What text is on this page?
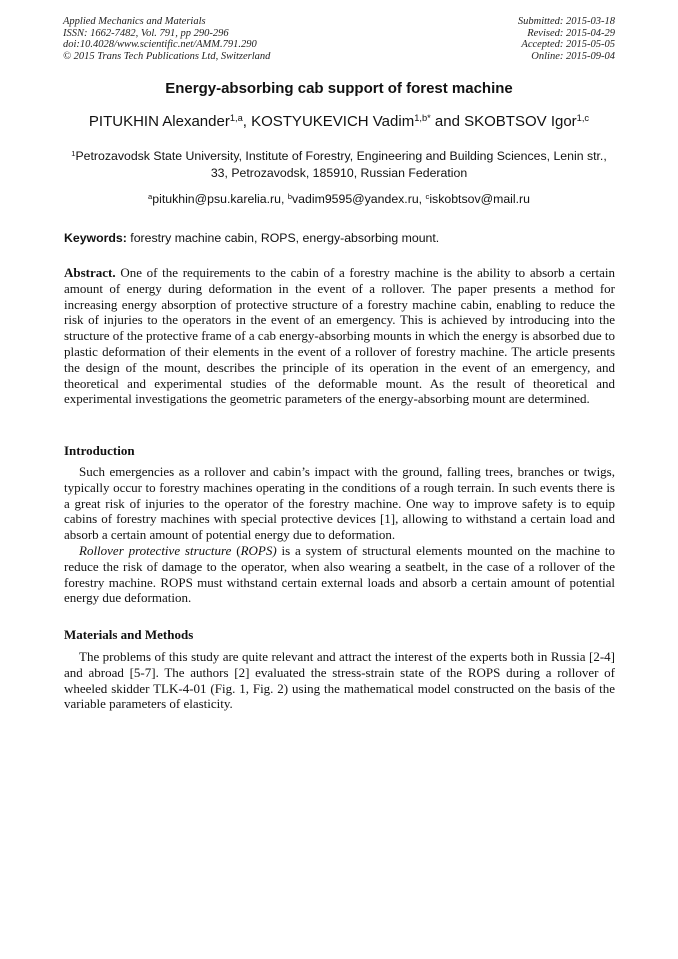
Applied Mechanics and Materials
ISSN: 1662-7482, Vol. 791, pp 290-296
doi:10.4028/www.scientific.net/AMM.791.290
© 2015 Trans Tech Publications Ltd, Switzerland
Submitted: 2015-03-18
Revised: 2015-04-29
Accepted: 2015-05-05
Online: 2015-09-04
Energy-absorbing cab support of forest machine
PITUKHIN Alexander$^{1,a}$, KOSTYUKEVICH Vadim$^{1,b*}$ and SKOBTSOV Igor$^{1,c}$
$^1$Petrozavodsk State University, Institute of Forestry, Engineering and Building Sciences, Lenin str., 33, Petrozavodsk, 185910, Russian Federation
$^a$pitukhin@psu.karelia.ru, $^b$vadim9595@yandex.ru, $^c$iskobtsov@mail.ru
Keywords: forestry machine cabin, ROPS, energy-absorbing mount.
Abstract. One of the requirements to the cabin of a forestry machine is the ability to absorb a certain amount of energy during deformation in the event of a rollover. The paper presents a method for increasing energy absorption of protective structure of a forestry machine cabin, enabling to reduce the risk of injuries to the operators in the event of an emergency. This is achieved by introducing into the structure of the protective frame of a cab energy-absorbing mounts in which the energy is absorbed due to plastic deformation of their elements in the event of a rollover of forestry machine. The article presents the design of the mount, describes the principle of its operation in the event of an emergency, and theoretical and experimental studies of the deformable mount. As the result of theoretical and experimental investigations the geometric parameters of the energy-absorbing mount are determined.
Introduction

Such emergencies as a rollover and cabin’s impact with the ground, falling trees, branches or twigs, typically occur to forestry machines operating in the conditions of a rough terrain. In such events there is a great risk of injuries to the operator of the forestry machine. One way to improve safety is to equip cabins of forestry machines with special protective devices [1], allowing to withstand a certain load and absorb a certain amount of potential energy due to deformation.

Rollover protective structure (ROPS) is a system of structural elements mounted on the machine to reduce the risk of damage to the operator, when also wearing a seatbelt, in the case of a rollover of the forestry machine. ROPS must withstand certain external loads and absorb a certain amount of potential energy due deformation.

Materials and Methods

The problems of this study are quite relevant and attract the interest of the experts both in Russia [2-4] and abroad [5-7]. The authors [2] evaluated the stress-strain state of the ROPS during a rollover of wheeled skidder TLK-4-01 (Fig. 1, Fig. 2) using the mathematical model constructed on the basis of the variable parameters of elasticity.
